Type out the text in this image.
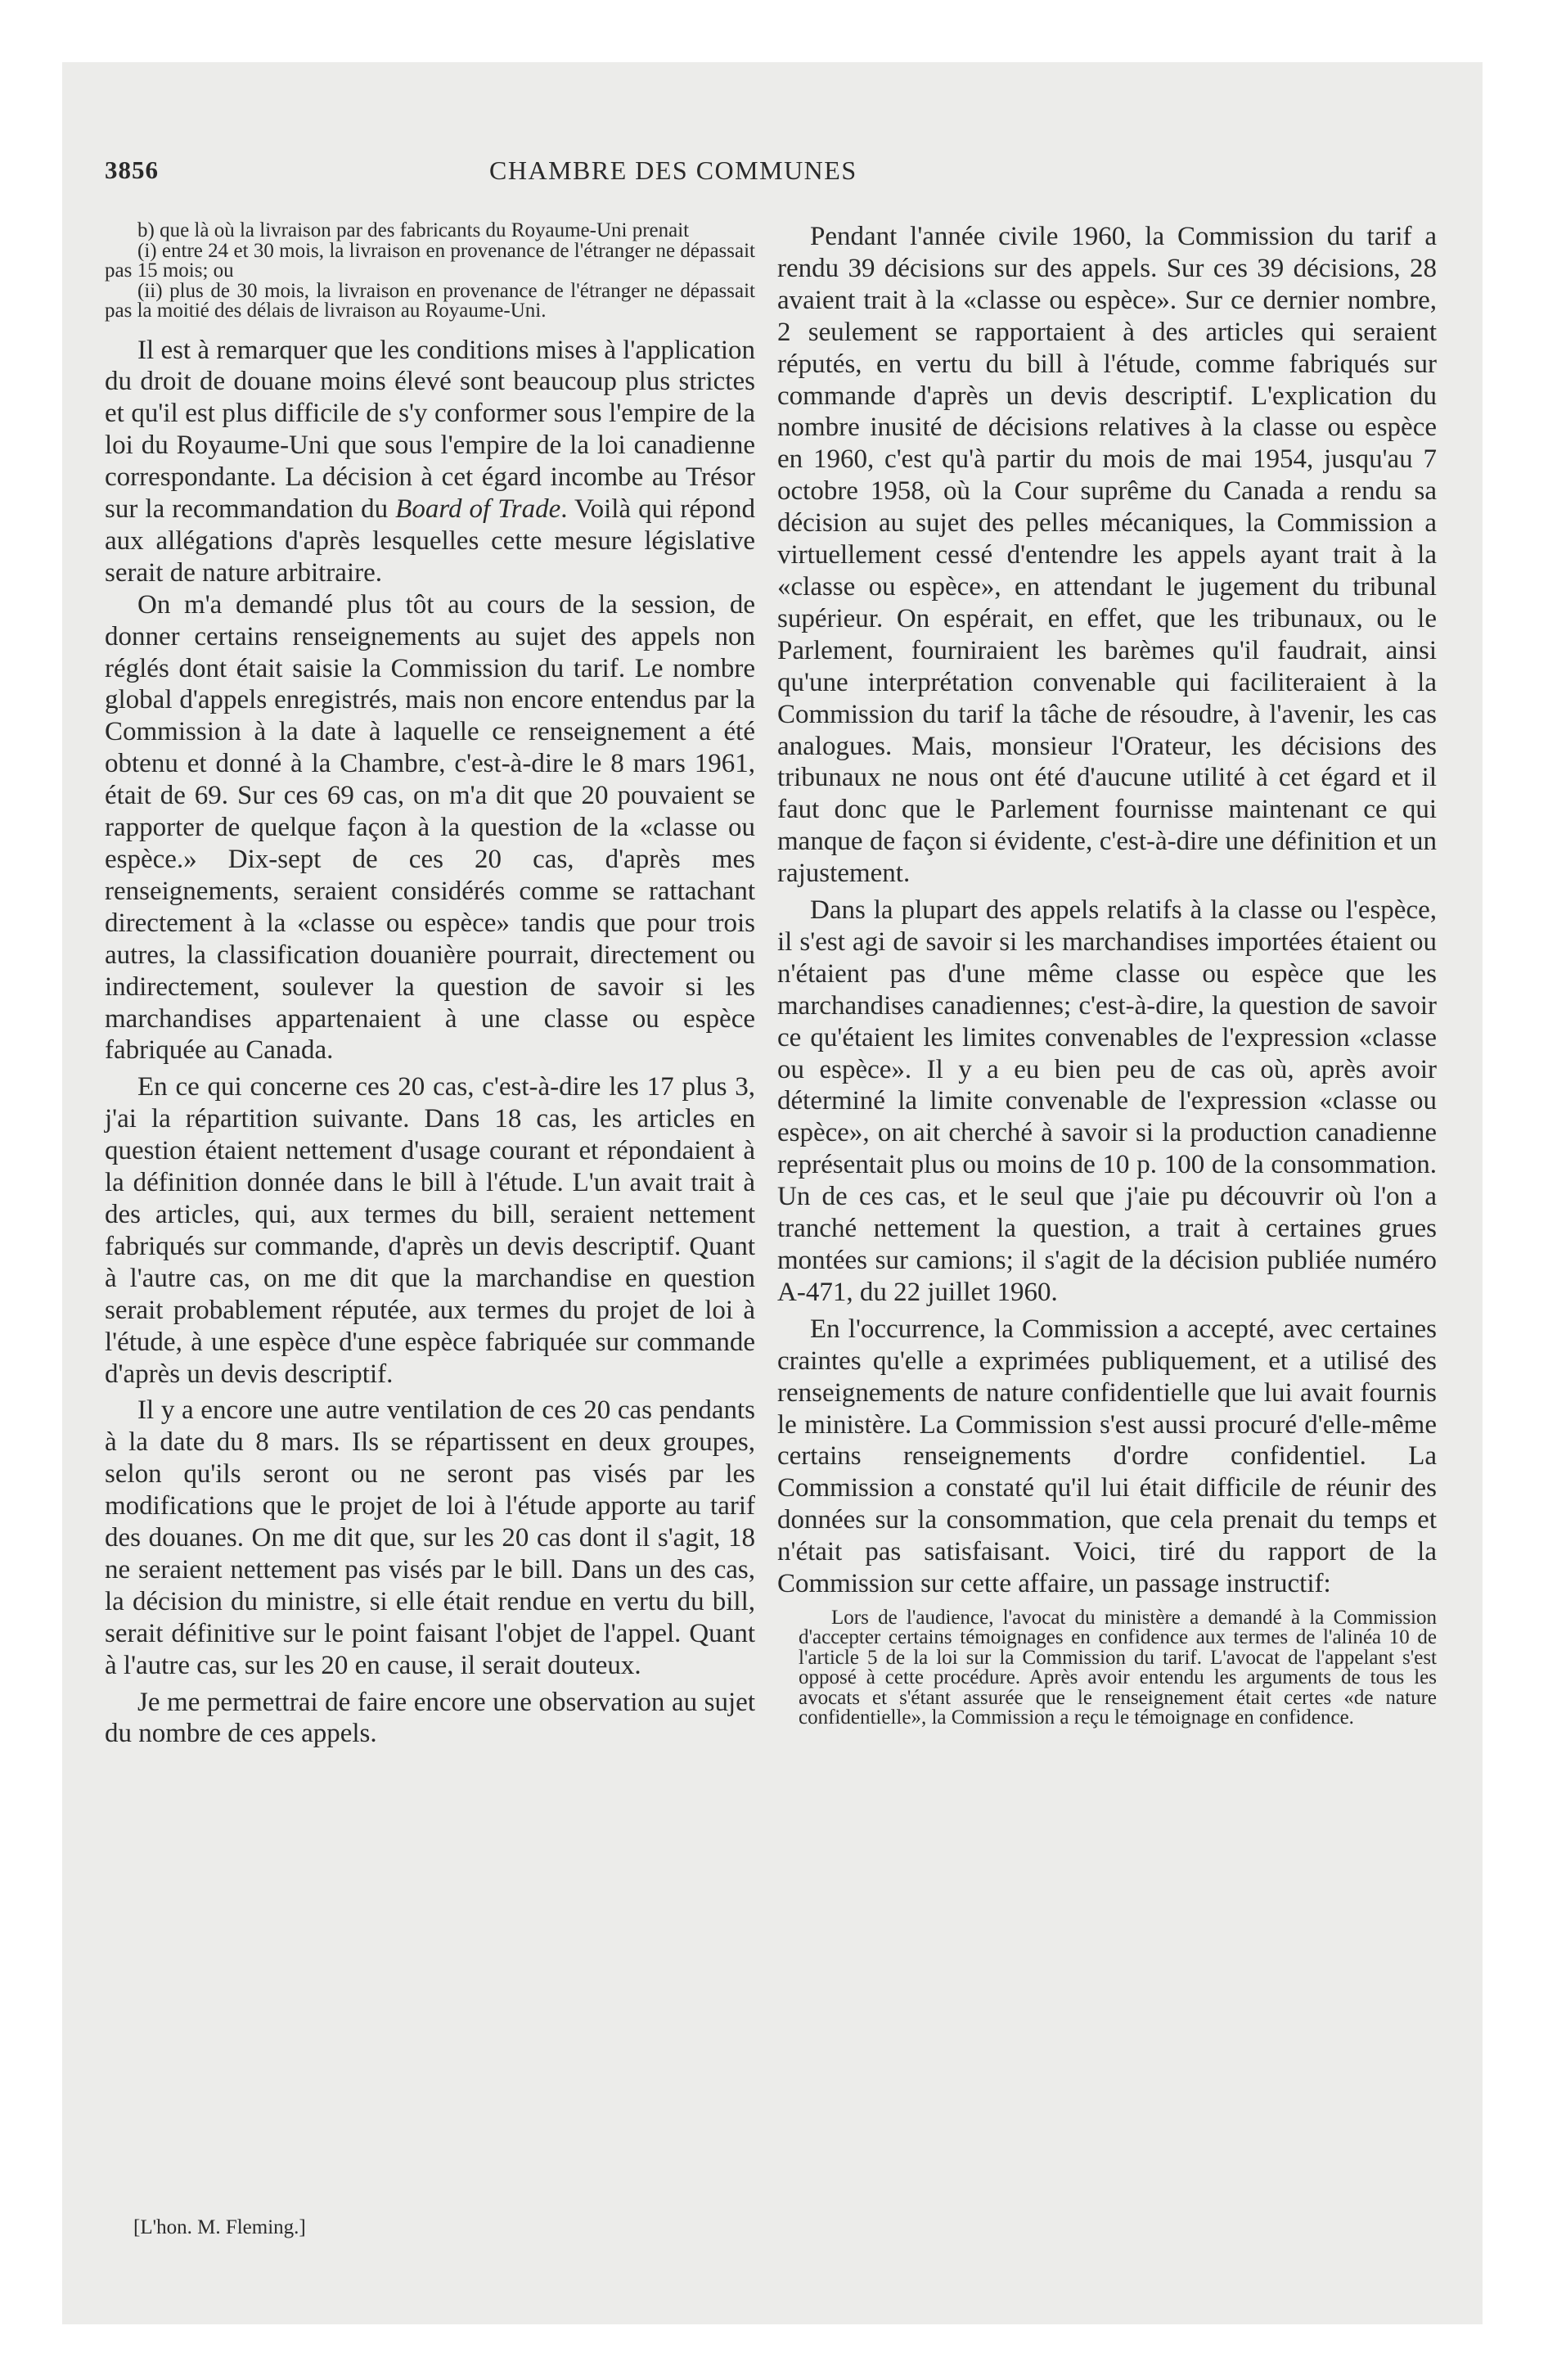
3856	CHAMBRE DES COMMUNES

b) que là où la livraison par des fabricants du Royaume-Uni prenait

(i) entre 24 et 30 mois, la livraison en provenance de l'étranger ne dépassait pas 15 mois; ou

(ii) plus de 30 mois, la livraison en provenance de l'étranger ne dépassait pas la moitié des délais de livraison au Royaume-Uni.

Il est à remarquer que les conditions mises à l'application du droit de douane moins élevé sont beaucoup plus strictes et qu'il est plus difficile de s'y conformer sous l'empire de la loi du Royaume-Uni que sous l'empire de la loi canadienne correspondante. La décision à cet égard incombe au Trésor sur la recommandation du Board of Trade. Voilà qui répond aux allégations d'après lesquelles cette mesure législative serait de nature arbitraire.

On m'a demandé plus tôt au cours de la session, de donner certains renseignements au sujet des appels non réglés dont était saisie la Commission du tarif. Le nombre global d'appels enregistrés, mais non encore entendus par la Commission à la date à laquelle ce renseignement a été obtenu et donné à la Chambre, c'est-à-dire le 8 mars 1961, était de 69. Sur ces 69 cas, on m'a dit que 20 pouvaient se rapporter de quelque façon à la question de la «classe ou espèce.» Dix-sept de ces 20 cas, d'après mes renseignements, seraient considérés comme se rattachant directement à la «classe ou espèce» tandis que pour trois autres, la classification douanière pourrait, directement ou indirectement, soulever la question de savoir si les marchandises appartenaient à une classe ou espèce fabriquée au Canada.

En ce qui concerne ces 20 cas, c'est-à-dire les 17 plus 3, j'ai la répartition suivante. Dans 18 cas, les articles en question étaient nettement d'usage courant et répondaient à la définition donnée dans le bill à l'étude. L'un avait trait à des articles, qui, aux termes du bill, seraient nettement fabriqués sur commande, d'après un devis descriptif. Quant à l'autre cas, on me dit que la marchandise en question serait probablement réputée, aux termes du projet de loi à l'étude, à une espèce d'une espèce fabriquée sur commande d'après un devis descriptif.

Il y a encore une autre ventilation de ces 20 cas pendants à la date du 8 mars. Ils se répartissent en deux groupes, selon qu'ils seront ou ne seront pas visés par les modifications que le projet de loi à l'étude apporte au tarif des douanes. On me dit que, sur les 20 cas dont il s'agit, 18 ne seraient nettement pas visés par le bill. Dans un des cas, la décision du ministre, si elle était rendue en vertu du bill, serait définitive sur le point faisant l'objet de l'appel. Quant à l'autre cas, sur les 20 en cause, il serait douteux.

Je me permettrai de faire encore une observation au sujet du nombre de ces appels.

Pendant l'année civile 1960, la Commission du tarif a rendu 39 décisions sur des appels. Sur ces 39 décisions, 28 avaient trait à la «classe ou espèce». Sur ce dernier nombre, 2 seulement se rapportaient à des articles qui seraient réputés, en vertu du bill à l'étude, comme fabriqués sur commande d'après un devis descriptif. L'explication du nombre inusité de décisions relatives à la classe ou espèce en 1960, c'est qu'à partir du mois de mai 1954, jusqu'au 7 octobre 1958, où la Cour suprême du Canada a rendu sa décision au sujet des pelles mécaniques, la Commission a virtuellement cessé d'entendre les appels ayant trait à la «classe ou espèce», en attendant le jugement du tribunal supérieur. On espérait, en effet, que les tribunaux, ou le Parlement, fourniraient les barèmes qu'il faudrait, ainsi qu'une interprétation convenable qui faciliteraient à la Commission du tarif la tâche de résoudre, à l'avenir, les cas analogues. Mais, monsieur l'Orateur, les décisions des tribunaux ne nous ont été d'aucune utilité à cet égard et il faut donc que le Parlement fournisse maintenant ce qui manque de façon si évidente, c'est-à-dire une définition et un rajustement.

Dans la plupart des appels relatifs à la classe ou l'espèce, il s'est agi de savoir si les marchandises importées étaient ou n'étaient pas d'une même classe ou espèce que les marchandises canadiennes; c'est-à-dire, la question de savoir ce qu'étaient les limites convenables de l'expression «classe ou espèce». Il y a eu bien peu de cas où, après avoir déterminé la limite convenable de l'expression «classe ou espèce», on ait cherché à savoir si la production canadienne représentait plus ou moins de 10 p. 100 de la consommation. Un de ces cas, et le seul que j'aie pu découvrir où l'on a tranché nettement la question, a trait à certaines grues montées sur camions; il s'agit de la décision publiée numéro A-471, du 22 juillet 1960.

En l'occurrence, la Commission a accepté, avec certaines craintes qu'elle a exprimées publiquement, et a utilisé des renseignements de nature confidentielle que lui avait fournis le ministère. La Commission s'est aussi procuré d'elle-même certains renseignements d'ordre confidentiel. La Commission a constaté qu'il lui était difficile de réunir des données sur la consommation, que cela prenait du temps et n'était pas satisfaisant. Voici, tiré du rapport de la Commission sur cette affaire, un passage instructif:

Lors de l'audience, l'avocat du ministère a demandé à la Commission d'accepter certains témoignages en confidence aux termes de l'alinéa 10 de l'article 5 de la loi sur la Commission du tarif. L'avocat de l'appelant s'est opposé à cette procédure. Après avoir entendu les arguments de tous les avocats et s'étant assurée que le renseignement était certes «de nature confidentielle», la Commission a reçu le témoignage en confidence.

[L'hon. M. Fleming.]
